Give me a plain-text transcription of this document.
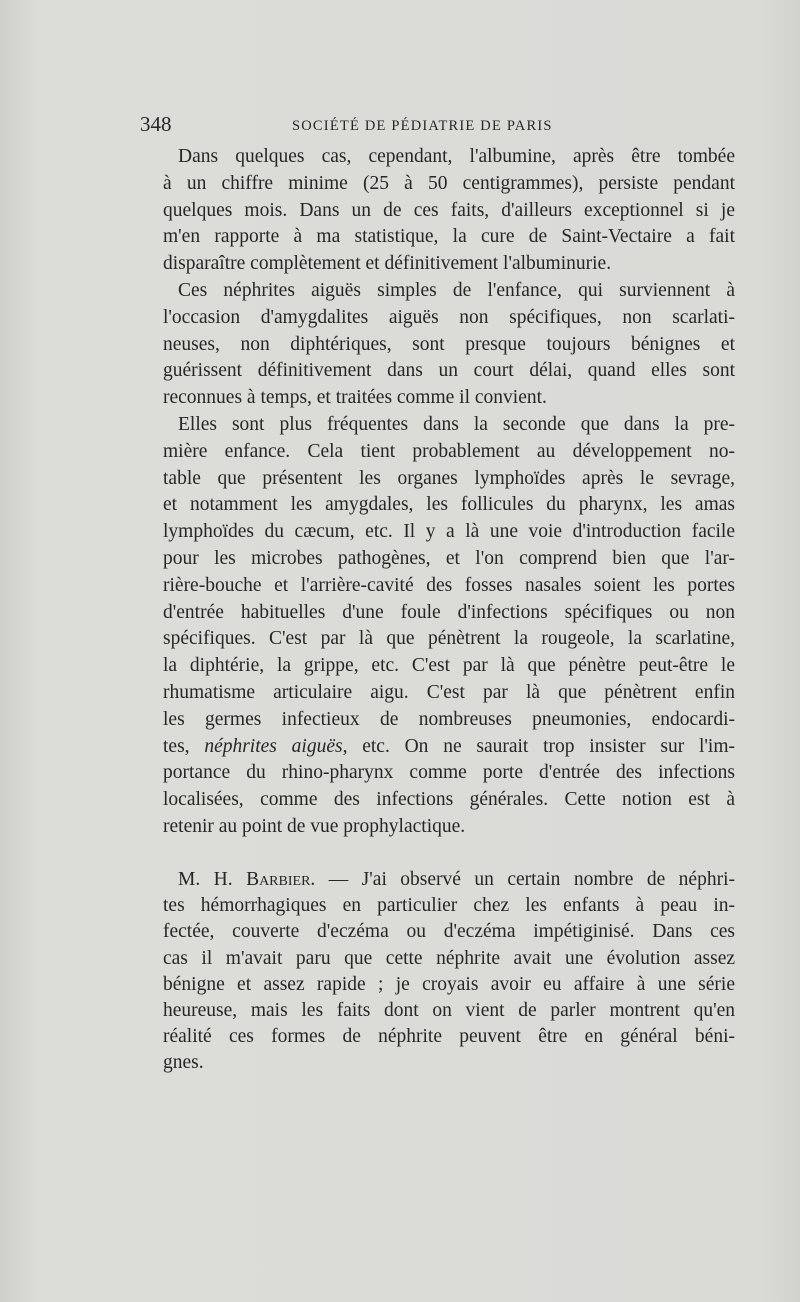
348	SOCIÉTÉ DE PÉDIATRIE DE PARIS
Dans quelques cas, cependant, l'albumine, après être tombée
à un chiffre minime (25 à 50 centigrammes), persiste pendant
quelques mois. Dans un de ces faits, d'ailleurs exceptionnel si je
m'en rapporte à ma statistique, la cure de Saint-Vectaire a fait
disparaître complètement et définitivement l'albuminurie.
Ces néphrites aiguës simples de l'enfance, qui surviennent à
l'occasion d'amygdalites aiguës non spécifiques, non scarlati-
neuses, non diphtériques, sont presque toujours bénignes et
guérissent définitivement dans un court délai, quand elles sont
reconnues à temps, et traitées comme il convient.
Elles sont plus fréquentes dans la seconde que dans la pre-
mière enfance. Cela tient probablement au développement no-
table que présentent les organes lymphoïdes après le sevrage,
et notamment les amygdales, les follicules du pharynx, les amas
lymphoïdes du cæcum, etc. Il y a là une voie d'introduction facile
pour les microbes pathogènes, et l'on comprend bien que l'ar-
rière-bouche et l'arrière-cavité des fosses nasales soient les portes
d'entrée habituelles d'une foule d'infections spécifiques ou non
spécifiques. C'est par là que pénètrent la rougeole, la scarlatine,
la diphtérie, la grippe, etc. C'est par là que pénètre peut-être le
rhumatisme articulaire aigu. C'est par là que pénètrent enfin
les germes infectieux de nombreuses pneumonies, endocardi-
tes, néphrites aiguës, etc. On ne saurait trop insister sur l'im-
portance du rhino-pharynx comme porte d'entrée des infections
localisées, comme des infections générales. Cette notion est à
retenir au point de vue prophylactique.
M. H. Barbier. — J'ai observé un certain nombre de néphri-
tes hémorrhagiques en particulier chez les enfants à peau in-
fectée, couverte d'eczéma ou d'eczéma impétiginisé. Dans ces
cas il m'avait paru que cette néphrite avait une évolution assez
bénigne et assez rapide ; je croyais avoir eu affaire à une série
heureuse, mais les faits dont on vient de parler montrent qu'en
réalité ces formes de néphrite peuvent être en général béni-
gnes.
